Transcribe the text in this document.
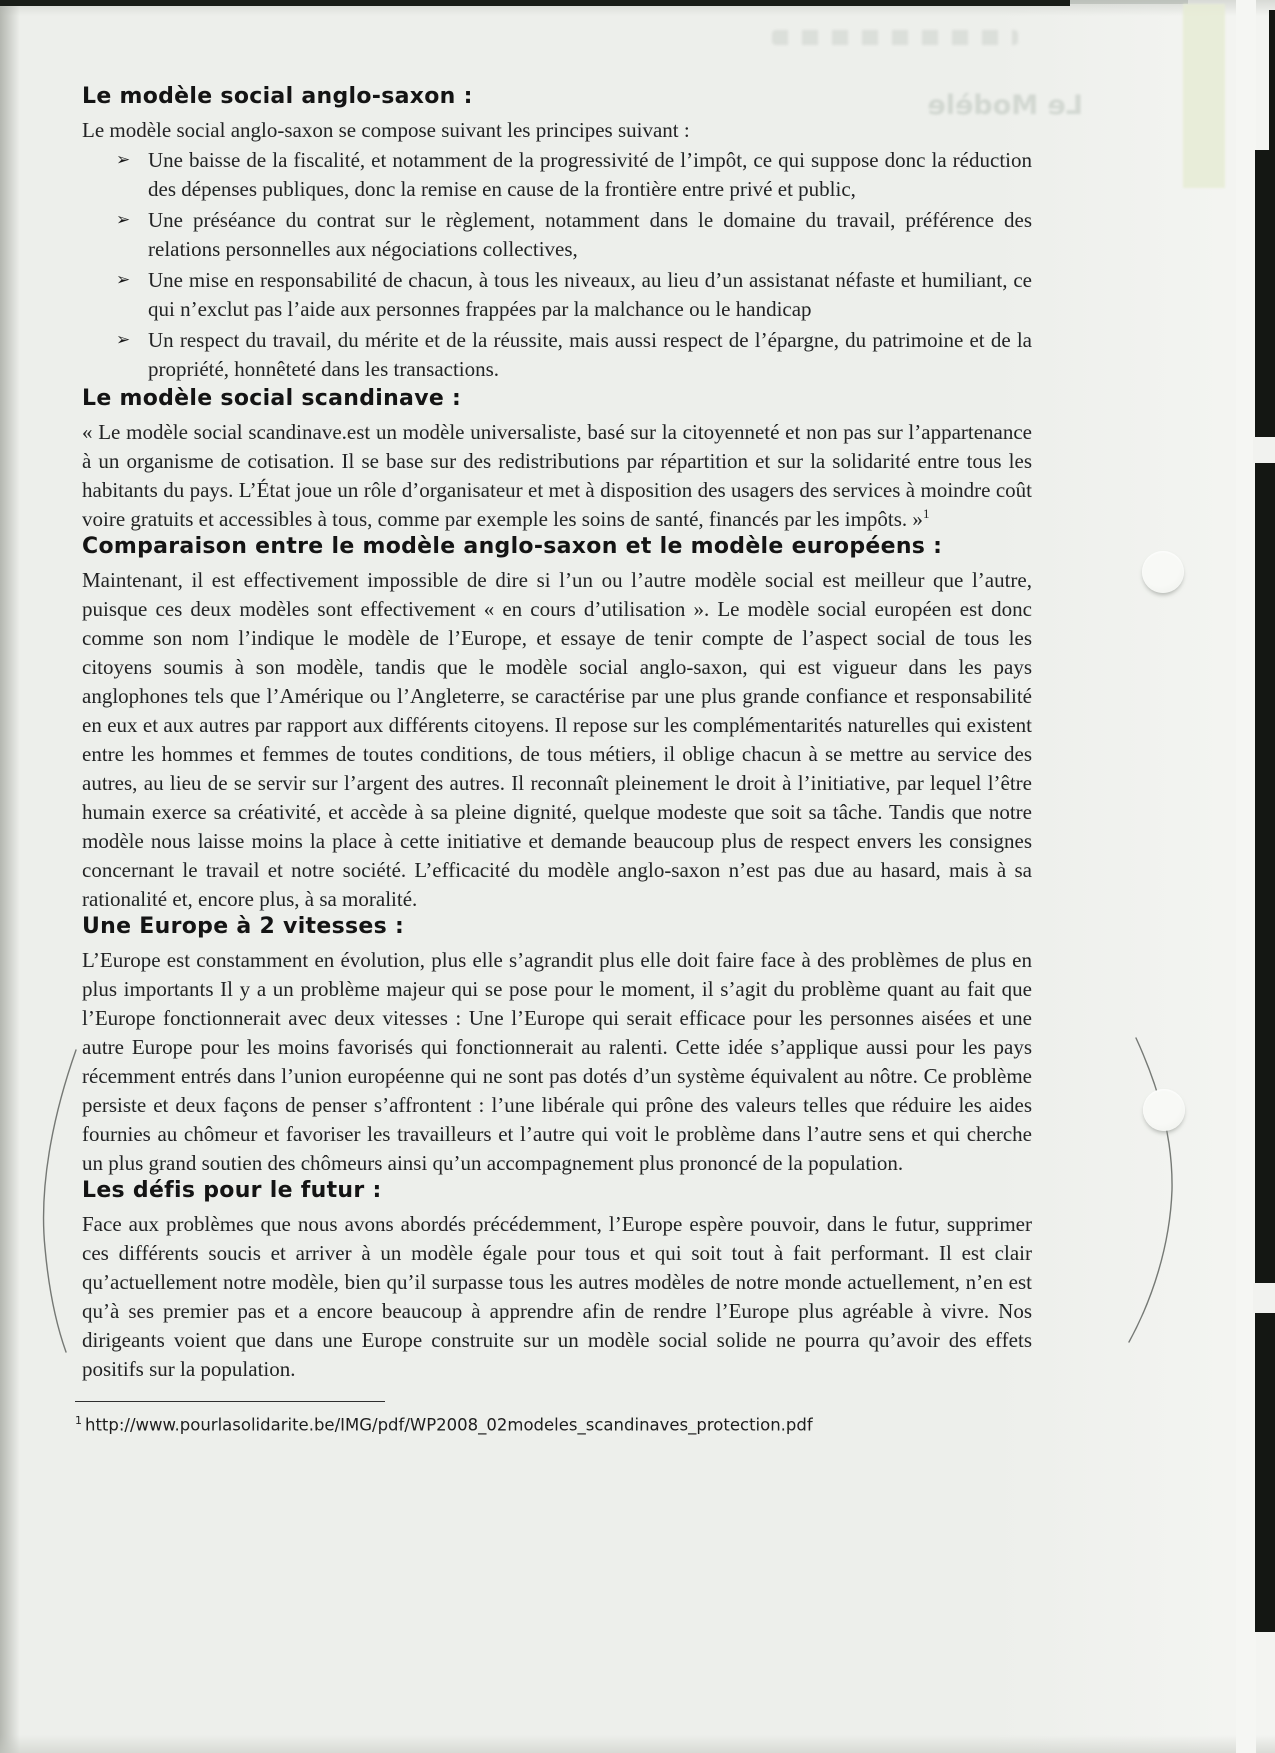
Le Modèle
Le modèle social anglo-saxon :

Le modèle social anglo-saxon se compose suivant les principes suivant :

➢ Une baisse de la fiscalité, et notamment de la progressivité de l’impôt, ce qui suppose donc la réduction des dépenses publiques, donc la remise en cause de la frontière entre privé et public,
➢ Une préséance du contrat sur le règlement, notamment dans le domaine du travail, préférence des relations personnelles aux négociations collectives,
➢ Une mise en responsabilité de chacun, à tous les niveaux, au lieu d’un assistanat néfaste et humiliant, ce qui n’exclut pas l’aide aux personnes frappées par la malchance ou le handicap
➢ Un respect du travail, du mérite et de la réussite, mais aussi respect de l’épargne, du patrimoine et de la propriété, honnêteté dans les transactions.
Le modèle social scandinave :

« Le modèle social scandinave.est un modèle universaliste, basé sur la citoyenneté et non pas sur l’appartenance à un organisme de cotisation. Il se base sur des redistributions par répartition et sur la solidarité entre tous les habitants du pays. L’État joue un rôle d’organisateur et met à disposition des usagers des services à moindre coût voire gratuits et accessibles à tous, comme par exemple les soins de santé, financés par les impôts. »$^1$

Comparaison entre le modèle anglo-saxon et le modèle européens :

Maintenant, il est effectivement impossible de dire si l’un ou l’autre modèle social est meilleur que l’autre, puisque ces deux modèles sont effectivement « en cours d’utilisation ». Le modèle social européen est donc comme son nom l’indique le modèle de l’Europe, et essaye de tenir compte de l’aspect social de tous les citoyens soumis à son modèle, tandis que le modèle social anglo-saxon, qui est vigueur dans les pays anglophones tels que l’Amérique ou l’Angleterre, se caractérise par une plus grande confiance et responsabilité en eux et aux autres par rapport aux différents citoyens. Il repose sur les complémentarités naturelles qui existent entre les hommes et femmes de toutes conditions, de tous métiers, il oblige chacun à se mettre au service des autres, au lieu de se servir sur l’argent des autres. Il reconnaît pleinement le droit à l’initiative, par lequel l’être humain exerce sa créativité, et accède à sa pleine dignité, quelque modeste que soit sa tâche. Tandis que notre modèle nous laisse moins la place à cette initiative et demande beaucoup plus de respect envers les consignes concernant le travail et notre société. L’efficacité du modèle anglo-saxon n’est pas due au hasard, mais à sa rationalité et, encore plus, à sa moralité.

Une Europe à 2 vitesses :

L’Europe est constamment en évolution, plus elle s’agrandit plus elle doit faire face à des problèmes de plus en plus importants Il y a un problème majeur qui se pose pour le moment, il s’agit du problème quant au fait que l’Europe fonctionnerait avec deux vitesses : Une l’Europe qui serait efficace pour les personnes aisées et une autre Europe pour les moins favorisés qui fonctionnerait au ralenti. Cette idée s’applique aussi pour les pays récemment entrés dans l’union européenne qui ne sont pas dotés d’un système équivalent au nôtre. Ce problème persiste et deux façons de penser s’affrontent : l’une libérale qui prône des valeurs telles que réduire les aides fournies au chômeur et favoriser les travailleurs et l’autre qui voit le problème dans l’autre sens et qui cherche un plus grand soutien des chômeurs ainsi qu’un accompagnement plus prononcé de la population.

Les défis pour le futur :

Face aux problèmes que nous avons abordés précédemment, l’Europe espère pouvoir, dans le futur, supprimer ces différents soucis et arriver à un modèle égale pour tous et qui soit tout à fait performant. Il est clair qu’actuellement notre modèle, bien qu’il surpasse tous les autres modèles de notre monde actuellement, n’en est qu’à ses premier pas et a encore beaucoup à apprendre afin de rendre l’Europe plus agréable à vivre. Nos dirigeants voient que dans une Europe construite sur un modèle social solide ne pourra qu’avoir des effets positifs sur la population.

$^1$ http://www.pourlasolidarite.be/IMG/pdf/WP2008_02modeles_scandinaves_protection.pdf
